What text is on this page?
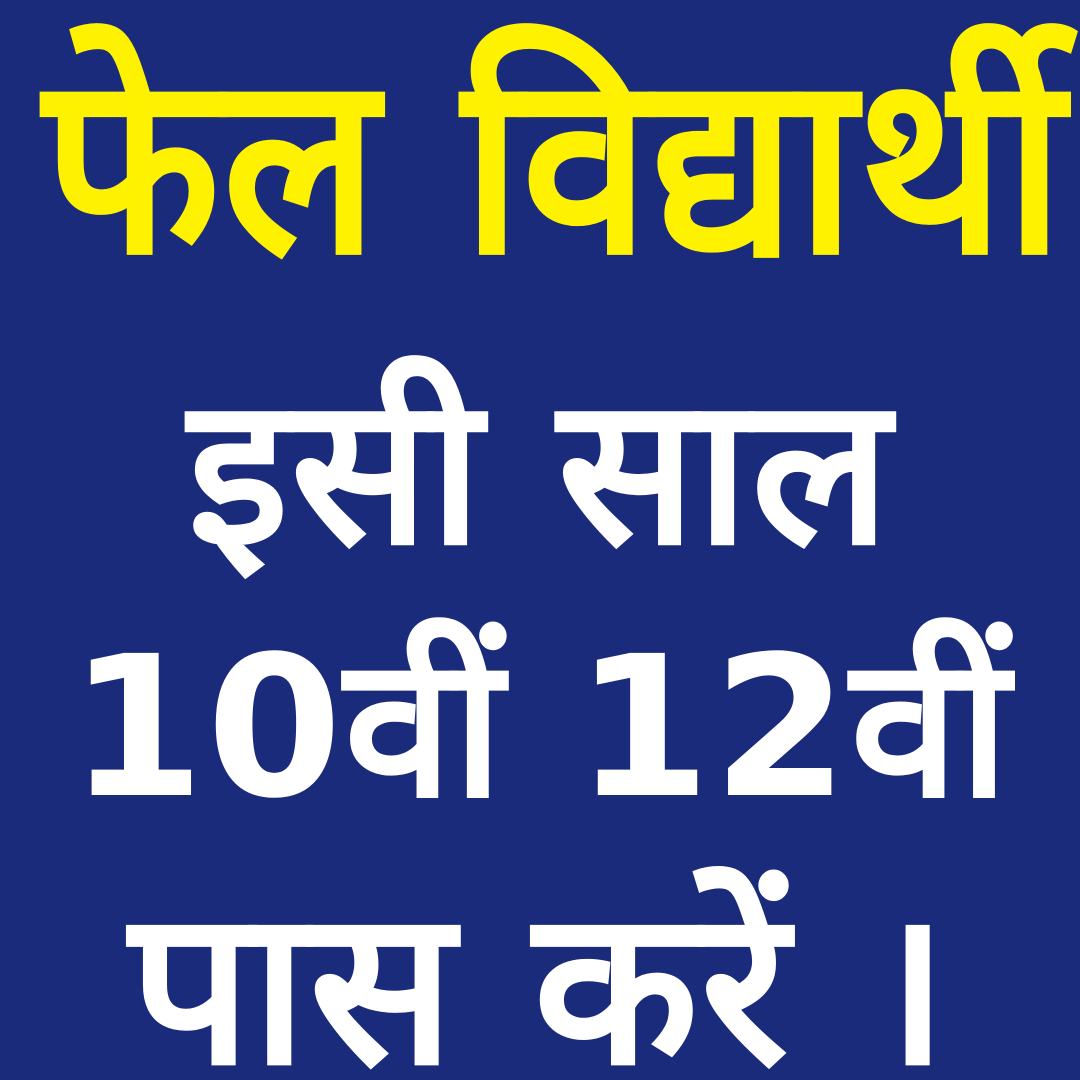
फेल विद्यार्थी
इसी साल
10वीं 12वीं
पास करें ।
